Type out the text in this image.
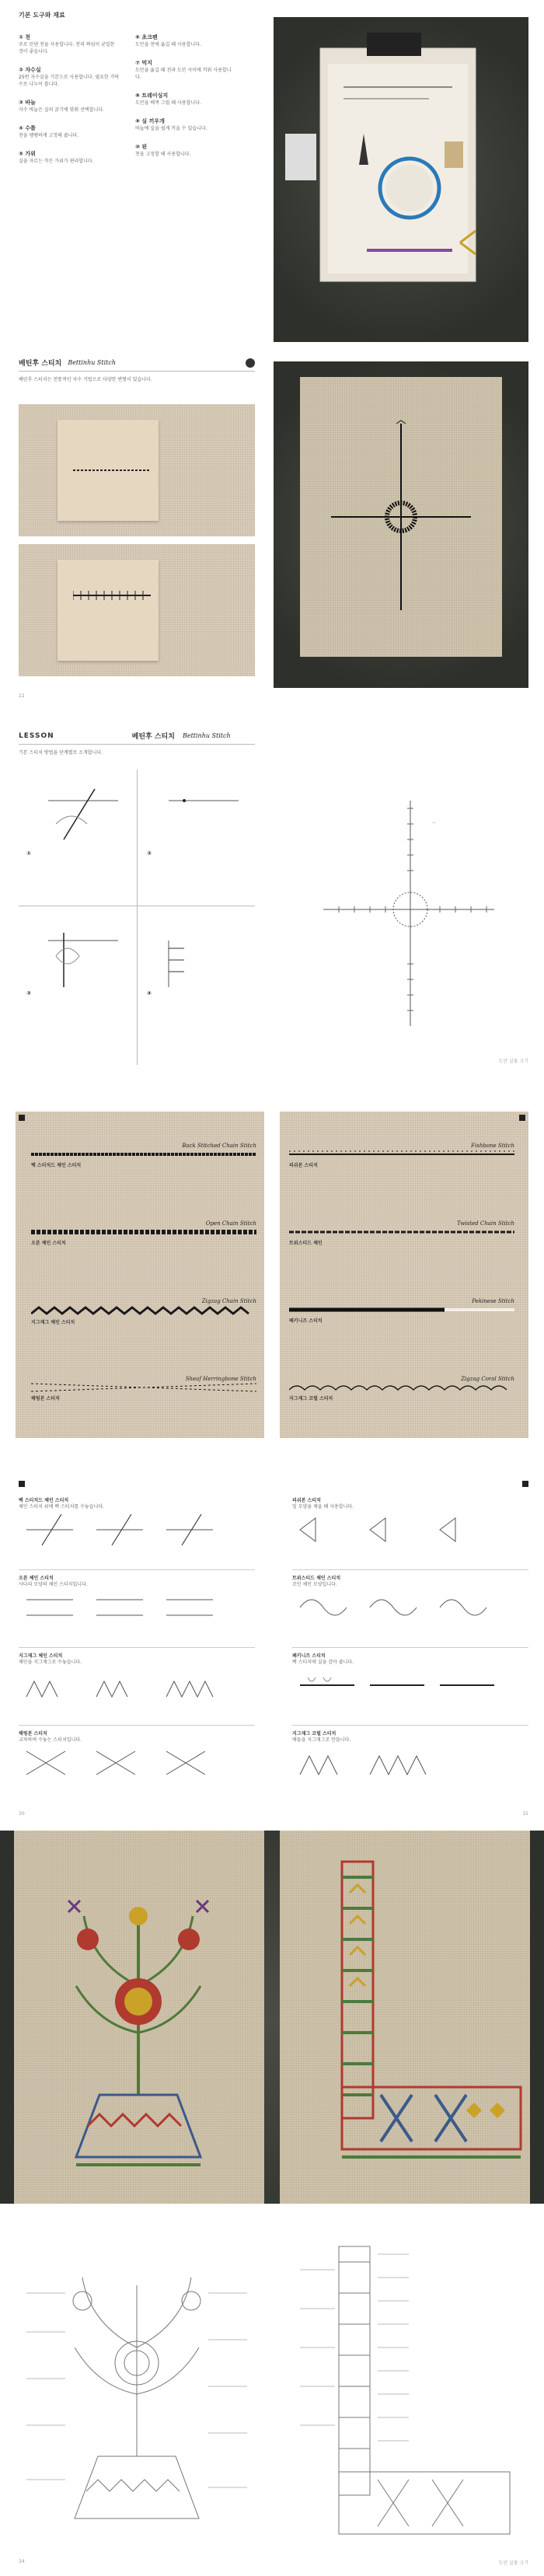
기본 도구와 재료
① 천
주로 린넨 천을 사용합니다. 천의 짜임이 균일한 것이 좋습니다.
② 자수실
25번 자수실을 기본으로 사용합니다. 필요한 가닥 수로 나누어 씁니다.
③ 바늘
자수 바늘은 실의 굵기에 맞춰 선택합니다.
④ 수틀
천을 팽팽하게 고정해 줍니다.
⑤ 가위
실을 자르는 작은 가위가 편리합니다.
⑥ 초크펜
도안을 천에 옮길 때 사용합니다.
⑦ 먹지
도안을 옮길 때 천과 도안 사이에 끼워 사용합니다.
⑧ 트레이싱지
도안을 베껴 그릴 때 사용합니다.
⑨ 실 끼우개
바늘에 실을 쉽게 끼울 수 있습니다.
⑩ 핀
천을 고정할 때 사용합니다.
베틴후 스티치 Bettinhu Stitch
베틴후 스티치는 전통적인 자수 기법으로 다양한 변형이 있습니다.
22
LESSON	베틴후 스티치 Bettinhu Stitch
기본 스티치 방법을 단계별로 소개합니다.
①	②
③	④
—
도안 실물 크기
Back Stitched Chain Stitch
백 스티치드 체인 스티치
Open Chain Stitch
오픈 체인 스티치
Zigzag Chain Stitch
지그재그 체인 스티치
Sheaf Herringbone Stitch
헤링본 스티치
Fishbone Stitch
피쉬본 스티치
Twisted Chain Stitch
트위스티드 체인
Pekinese Stitch
페키니즈 스티치
Zigzag Coral Stitch
지그재그 코럴 스티치
백 스티치드 체인 스티치
체인 스티치 위에 백 스티치를 수놓습니다.
오픈 체인 스티치
사다리 모양의 체인 스티치입니다.
지그재그 체인 스티치
체인을 지그재그로 수놓습니다.
헤링본 스티치
교차하며 수놓는 스티치입니다.
30
피쉬본 스티치
잎 모양을 채울 때 사용합니다.
트위스티드 체인 스티치
꼬인 체인 모양입니다.
페키니즈 스티치
백 스티치에 실을 감아 줍니다.
지그재그 코럴 스티치
매듭을 지그재그로 만듭니다.
31
34	도안 실물 크기
